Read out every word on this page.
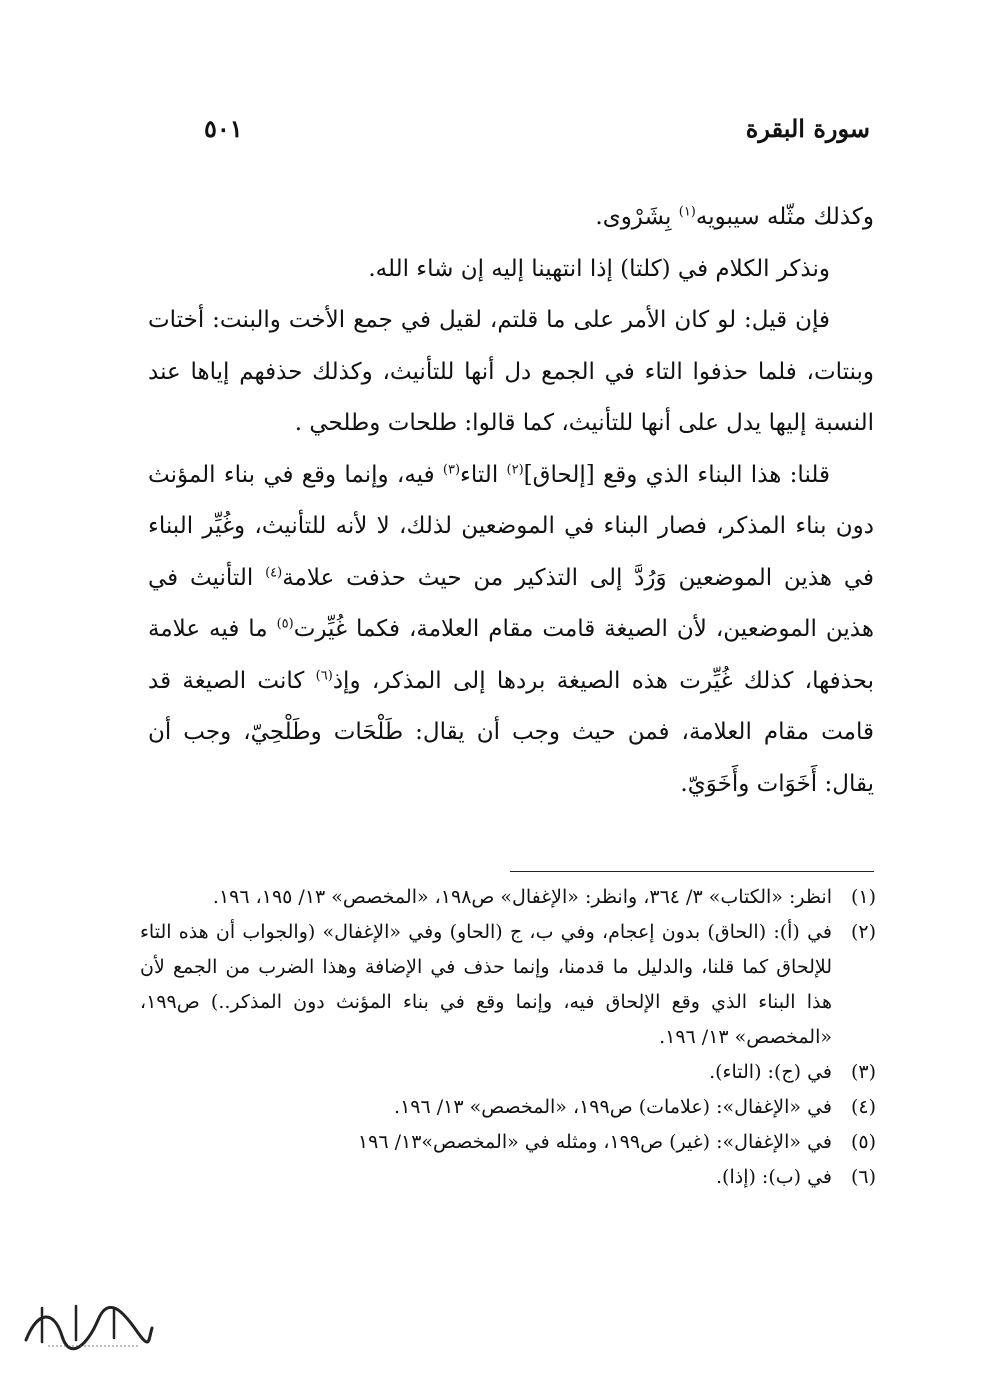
سورة البقرة
٥٠١

وكذلك مثّله سيبويه$^{(١)}$ بِشَرْوى.

ونذكر الكلام في (كلتا) إذا انتهينا إليه إن شاء الله.

فإن قيل: لو كان الأمر على ما قلتم، لقيل في جمع الأخت والبنت: أختات وبنتات، فلما حذفوا التاء في الجمع دل أنها للتأنيث، وكذلك حذفهم إياها عند النسبة إليها يدل على أنها للتأنيث، كما قالوا: طلحات وطلحي .

قلنا: هذا البناء الذي وقع [إلحاق]$^{(٢)}$ التاء$^{(٣)}$ فيه، وإنما وقع في بناء المؤنث دون بناء المذكر، فصار البناء في الموضعين لذلك، لا لأنه للتأنيث، وغُيِّر البناء في هذين الموضعين وَرُدَّ إلى التذكير من حيث حذفت علامة$^{(٤)}$ التأنيث في هذين الموضعين، لأن الصيغة قامت مقام العلامة، فكما غُيِّرت$^{(٥)}$ ما فيه علامة بحذفها، كذلك غُيِّرت هذه الصيغة بردها إلى المذكر، وإذ$^{(٦)}$ كانت الصيغة قد قامت مقام العلامة، فمن حيث وجب أن يقال: طَلْحَات وطَلْحِيّ، وجب أن يقال: أَخَوَات وأَخَوَيّ.

(١)
انظر: «الكتاب» ٣/ ٣٦٤، وانظر: «الإغفال» ص١٩٨، «المخصص» ١٣/ ١٩٥، ١٩٦.
(٢)
في (أ): (الحاق) بدون إعجام، وفي ب، ج (الحاو) وفي «الإغفال» (والجواب أن هذه التاء للإلحاق كما قلنا، والدليل ما قدمنا، وإنما حذف في الإضافة وهذا الضرب من الجمع لأن هذا البناء الذي وقع الإلحاق فيه، وإنما وقع في بناء المؤنث دون المذكر..) ص١٩٩، «المخصص» ١٣/ ١٩٦.
(٣)
في (ج): (التاء).
(٤)
في «الإغفال»: (علامات) ص١٩٩، «المخصص» ١٣/ ١٩٦.
(٥)
في «الإغفال»: (غير) ص١٩٩، ومثله في «المخصص»١٣/ ١٩٦
(٦)
في (ب): (إذا).
